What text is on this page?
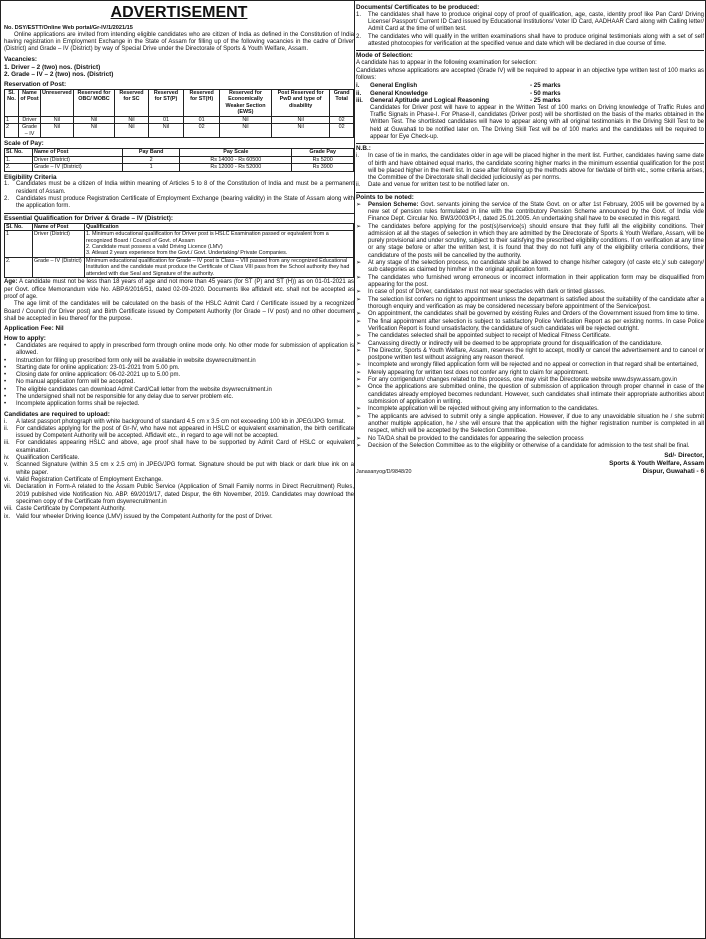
ADVERTISEMENT
No. DSY/ESTT/Online Web portal/Gr-IV/1/2021/15
Online applications are invited from intending eligible candidates who are citizen of India as defined in the Constitution of India having registration in Employment Exchange in the State of Assam for filling up of the following vacancies in the cadre of Driver (District) and Grade – IV (District) by way of Special Drive under the Directorate of Sports & Youth Welfare, Assam.
Vacancies:
1. Driver – 2 (two) nos. (District)
2. Grade – IV – 2 (two) nos. (District)
Reservation of Post:
Sl. No.	Name of Post	Unreserved	Reserved for OBC/ MOBC	Reserved for SC	Reserved for ST(P)	Reserved for ST(H)	Reserved for Economically Weaker Section (EWS)	Post Reserved for PwD and type of disability	Grand Total
1	Driver	Nil	Nil	Nil	01	01	Nil	Nil	02
2	Grade – IV	Nil	Nil	Nil	Nil	02	Nil	Nil	02
Scale of Pay:
Sl. No.	Name of Post	Pay Band	Pay Scale	Grade Pay
1.	Driver (District)	2	Rs 14000 - Rs 60500	Rs 5200
2.	Grade – IV (District)	1	Rs 12000 - Rs 52000	Rs 3900
Eligibility Criteria
1.	Candidates must be a citizen of India within meaning of Articles 5 to 8 of the Constitution of India and must be a permanent resident of Assam.
2.	Candidates must produce Registration Certificate of Employment Exchange (bearing validity) in the State of Assam along with the application form.
Essential Qualification for Driver & Grade – IV (District):
Sl. No.	Name of Post	Qualification
1	Driver (District)	1. Minimum educational qualification for Driver post is HSLC Examination passed or equivalent from a recognized Board / Council of Govt. of Assam
2. Candidate must possess a valid Driving Licence (LMV)
3. Atleast 2 years experience from the Govt./ Govt. Undertaking/ Private Companies.

2.	Grade – IV (District)	Minimum educational qualification for Grade – IV post is Class – VIII passed from any recognized Educational Institution and the candidate must produce the Certificate of Class VIII pass from the School authority they had attended with due Seal and Signature of the authority.
Age: A candidate must not be less than 18 years of age and not more than 45 years (for ST (P) and ST (H)) as on 01-01-2021 as per Govt. office Memorandum vide No. ABP.6/2016/51, dated 02-09-2020. Documents like affidavit etc. shall not be accepted as proof of age.
The age limit of the candidates will be calculated on the basis of the HSLC Admit Card / Certificate issued by a recognized Board / Council (for Driver post) and Birth Certificate issued by Competent Authority (for Grade – IV post) and no other document shall be accepted in lieu thereof for the purpose.
Application Fee: Nil
How to apply:
•	Candidates are required to apply in prescribed form through online mode only. No other mode for submission of application is allowed.
•	Instruction for filling up prescribed form only will be available in website dsywrecruitment.in
•	Starting date for online application: 23-01-2021 from 5.00 pm.
•	Closing date for online application: 06-02-2021 up to 5.00 pm.
•	No manual application form will be accepted.
•	The eligible candidates can download Admit Card/Call letter from the website dsywrecruitment.in
•	The undersigned shall not be responsible for any delay due to server problem etc.
•	Incomplete application forms shall be rejected.
Candidates are required to upload:
i.	A latest passport photograph with white background of standard 4.5 cm x 3.5 cm not exceeding 100 kb in JPEG/JPG format.
ii.	For candidates applying for the post of Gr-IV, who have not appeared in HSLC or equivalent examination, the birth certificate issued by Competent Authority will be accepted. Affidavit etc., in regard to age will not be accepted.
iii.	For candidates appearing HSLC and above, age proof shall have to be supported by Admit Card of HSLC or equivalent examination.
iv.	Qualification Certificate.
v.	Scanned Signature (within 3.5 cm x 2.5 cm) in JPEG/JPG format. Signature should be put with black or dark blue ink on a white paper.
vi.	Valid Registration Certificate of Employment Exchange.
vii. Declaration in Form-A related to the Assam Public Service (Application of Small Family norms in Direct Recruitment) Rules, 2019 published vide Notification No. ABP. 69/2019/17, dated Dispur, the 6th November, 2019. Candidates may download the specimen copy of the Certificate from dsywrecruitment.in
viii. Caste Certificate by Competent Authority.
ix.	Valid four wheeler Driving licence (LMV) issued by the Competent Authority for the post of Driver.
Documents/ Certificates to be produced:
1.	The candidates shall have to produce original copy of proof of qualification, age, caste, identity proof like Pan Card/ Driving License/ Passport/ Current ID Card issued by Educational Institutions/ Voter ID Card, AADHAAR Card along with Calling letter/ Admit Card at the time of written test.
2.	The candidates who will qualify in the written examinations shall have to produce original testimonials along with a set of self attested photocopies for verification at the specified venue and date which will be declared in due course of time.
Mode of Selection:
A candidate has to appear in the following examination for selection:
Candidates whose applications are accepted (Grade IV) will be required to appear in an objective type written test of 100 marks as follows:
i.	General English	- 25 marks
ii.	General Knowledge	- 50 marks
iii.	General Aptitude and Logical Reasoning	- 25 marks
Candidates for Driver post will have to appear in the Written Test of 100 marks on Driving knowledge of Traffic Rules and Traffic Signals in Phase-I. For Phase-II, candidates (Driver post) will be shortlisted on the basis of the marks obtained in the Written Test. The shortlisted candidates will have to appear along with all original testimonials in the Driving Skill Test to be held at Guwahati to be notified later on. The Driving Skill Test will be of 100 marks and the candidates will be required to appear for Eye Check-up.
N.B.:
i.	In case of tie in marks, the candidates older in age will be placed higher in the merit list. Further, candidates having same date of birth and have obtained equal marks, the candidate scoring higher marks in the minimum essential qualification for the post will be placed higher in the merit list. In case after following up the methods above for tie/date of birth etc., some criteria arises, the Committee of the Directorate shall decided judiciously/ as per norms.
ii.	Date and venue for written test to be notified later on.
Points to be noted:
➢	Pension Scheme: Govt. servants joining the service of the State Govt. on or after 1st February, 2005 will be governed by a new set of pension rules formulated in line with the contributory Pension Scheme announced by the Govt. of India vide Finance Dept. Circular No. BW3/2003/Pt-I, dated 25.01.2005. An undertaking shall have to be executed in this regard.
➢	The candidates before applying for the post(s)/service(s) should ensure that they fulfil all the eligibility conditions. Their admission at all the stages of selection in which they are admitted by the Directorate of Sports & Youth Welfare, Assam, will be purely provisional and under scrutiny, subject to their satisfying the prescribed eligibility conditions. If on verification at any time or any stage before or after the written test, it is found that they do not fulfil any of the eligibility criteria conditions, their candidature of the posts will be cancelled by the authority.
➢	At any stage of the selection process, no candidate shall be allowed to change his/her category (of caste etc.)/ sub category/ sub categories as claimed by him/her in the original application form.
➢	The candidates who furnished wrong erroneous or incorrect information in their application form may be disqualified from appearing for the post.
➢	In case of post of Driver, candidates must not wear spectacles with dark or tinted glasses.
➢	The selection list confers no right to appointment unless the department is satisfied about the suitability of the candidate after a thorough enquiry and verification as may be considered necessary before appointment of the Service/post.
➢	On appointment, the candidates shall be governed by existing Rules and Orders of the Government issued from time to time.
➢	The final appointment after selection is subject to satisfactory Police Verification Report as per existing norms. In case Police Verification Report is found unsatisfactory, the candidature of such candidates will be rejected outright.
➢	The candidates selected shall be appointed subject to receipt of Medical Fitness Certificate.
➢	Canvassing directly or indirectly will be deemed to be appropriate ground for disqualification of the candidature.
➢	The Director, Sports & Youth Welfare, Assam, reserves the right to accept, modify or cancel the advertisement and to cancel or postpone written test without assigning any reason thereof.
➢	Incomplete and wrongly filled application form will be rejected and no appeal or correction in that regard shall be entertained,
➢	Merely appearing for written test does not confer any right to claim for appointment.
➢	For any corrigendum/ changes related to this process, one may visit the Directorate website www.dsyw.assam.gov.in
➢	Once the applications are submitted online, the question of submission of application through proper channel in case of the candidates already employed becomes redundant. However, such candidates shall intimate their appropriate authorities about submission of application in writing.
➢	Incomplete application will be rejected without giving any information to the candidates.
➢	The applicants are advised to submit only a single application. However, if due to any unavoidable situation he / she submit another multiple application, he / she will ensure that the application with the higher registration number is completed in all respect, which will be accepted by the Selection Committee.
➢	No TA/DA shall be provided to the candidates for appearing the selection process
➢	Decision of the Selection Committee as to the eligibility or otherwise of a candidate for admission to the test shall be final.
Sd/- Director,
Sports & Youth Welfare, Assam
Janasanyog/D/9848/20	Dispur, Guwahati - 6
